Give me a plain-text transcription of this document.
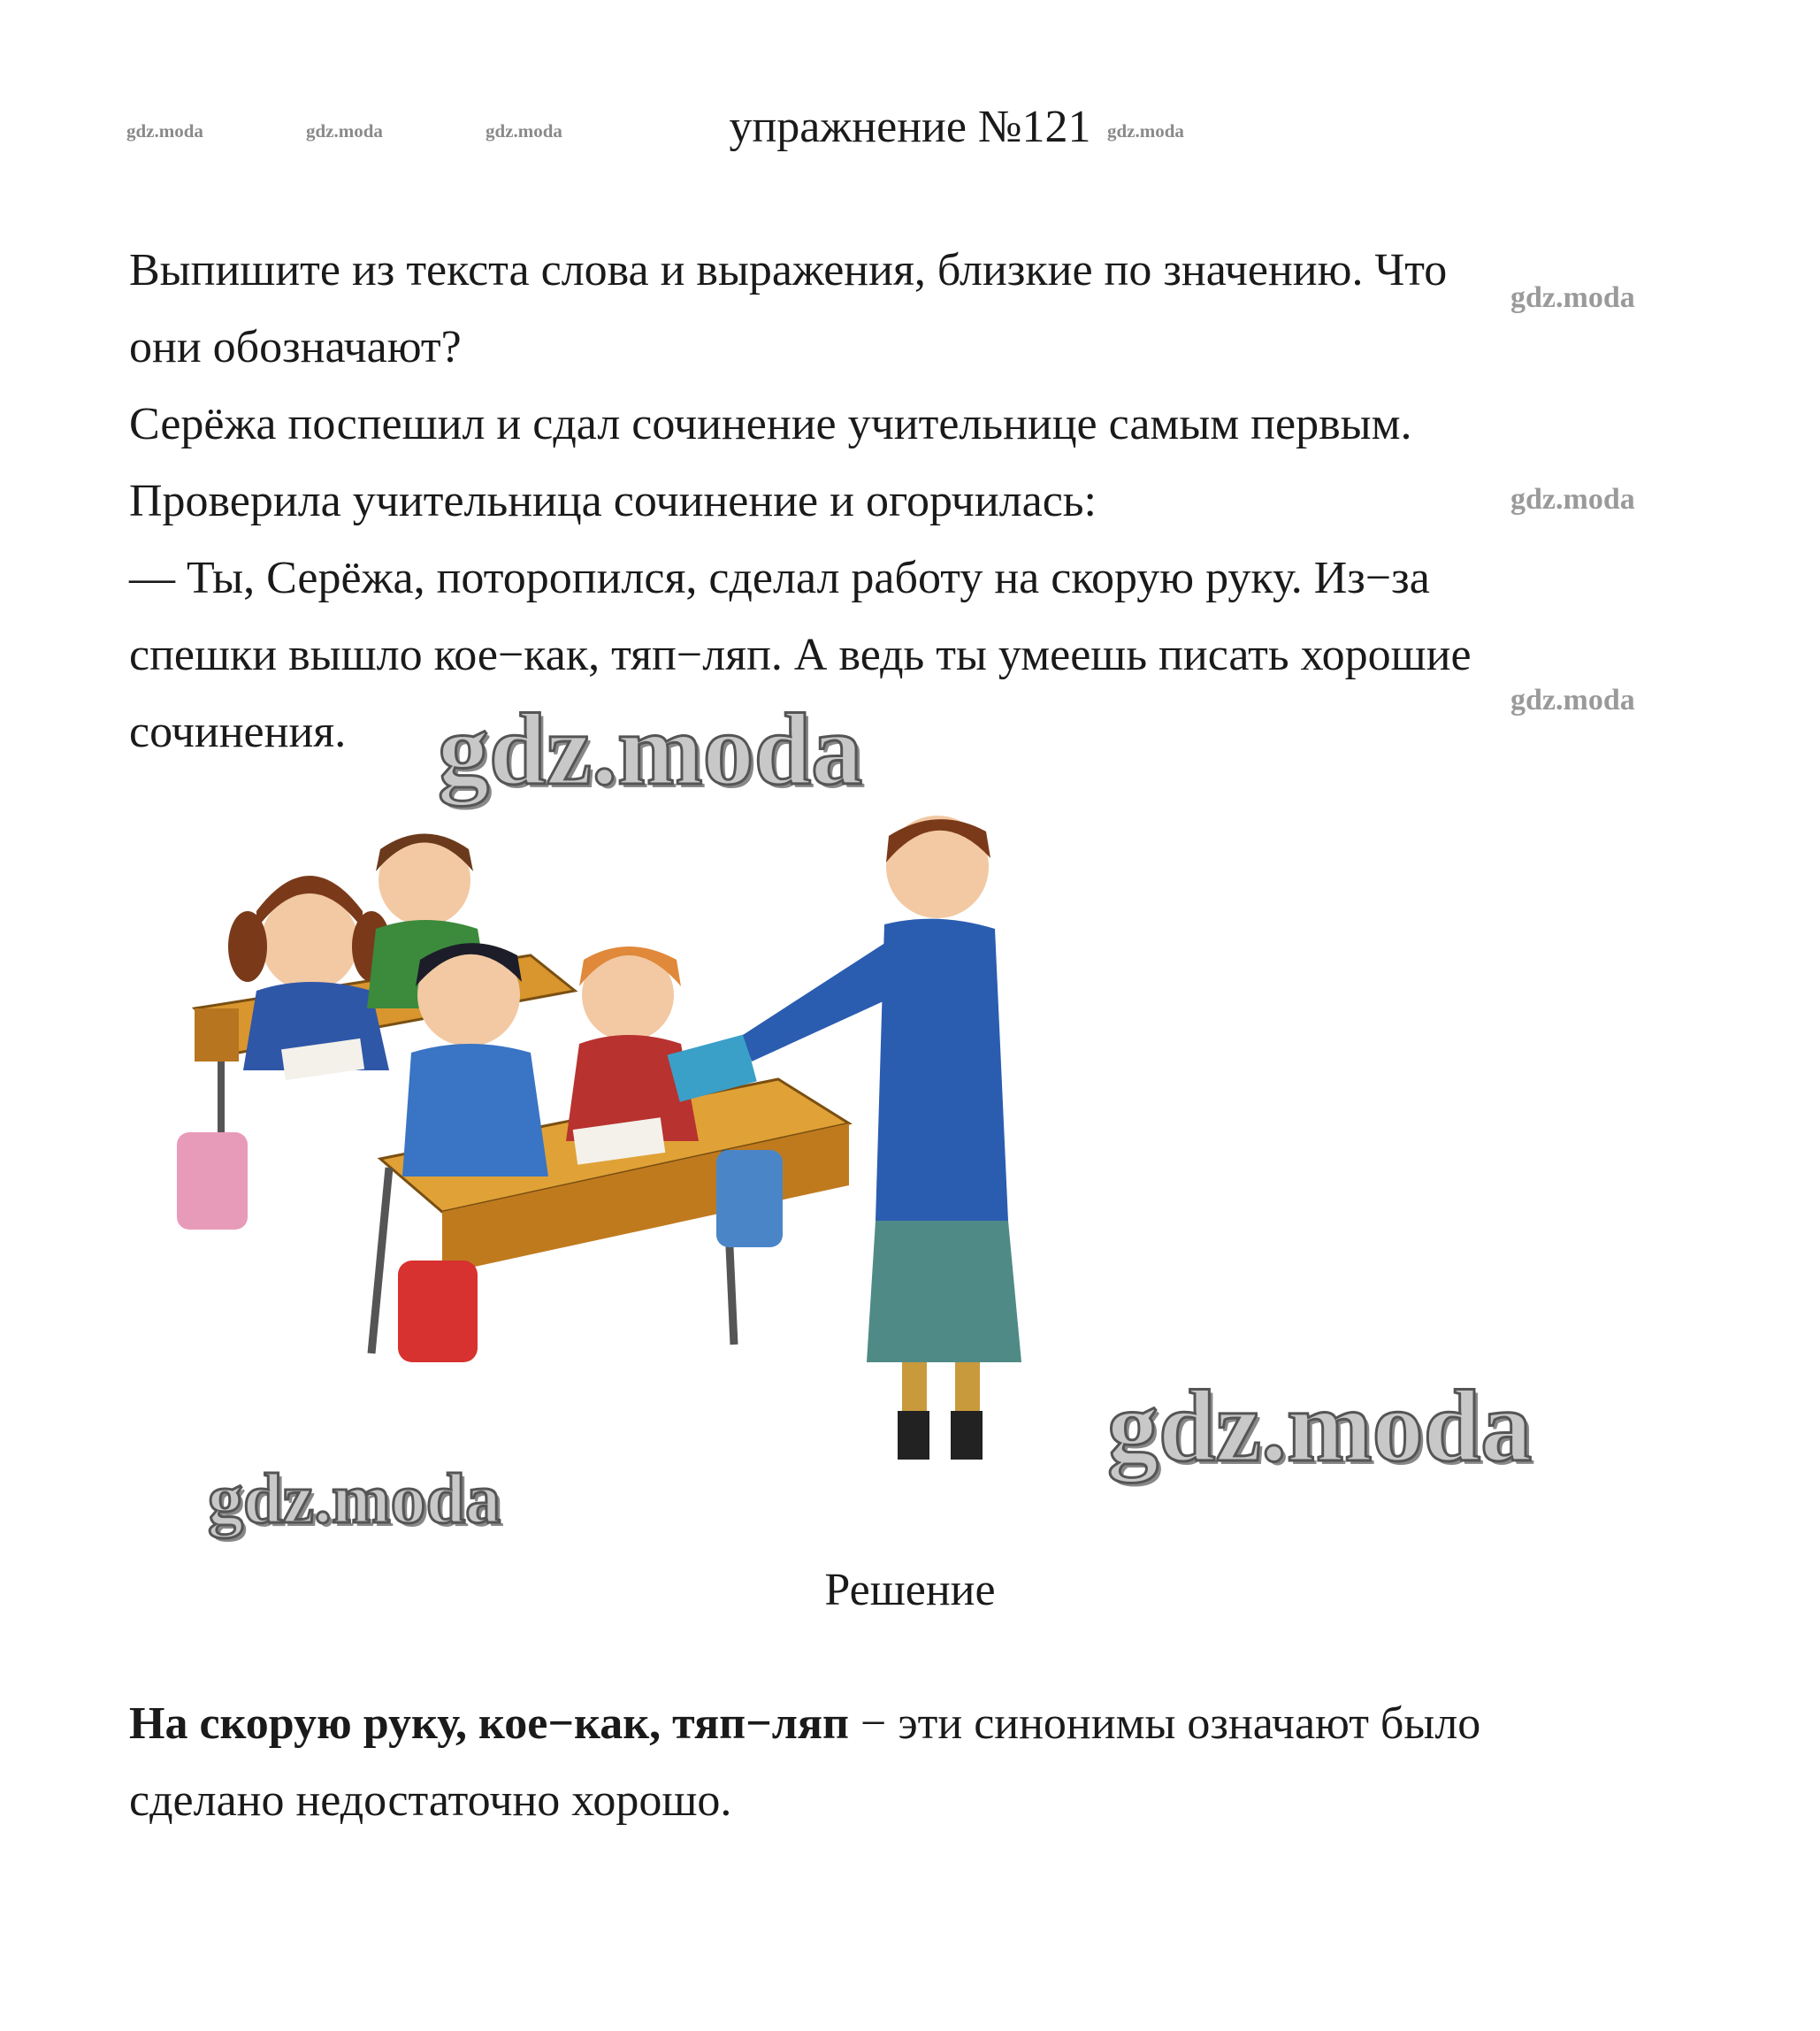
gdz.moda	gdz.moda	gdz.moda	gdz.moda
упражнение №121

Выпишите из текста слова и выражения, близкие по значению. Что

они обозначают?

Серёжа поспешил и сдал сочинение учительнице самым первым.

Проверила учительница сочинение и огорчилась:

— Ты, Серёжа, поторопился, сделал работу на скорую руку. Из−за

спешки вышло кое−как, тяп−ляп. А ведь ты умеешь писать хорошие

сочинения.

gdz.moda
gdz.moda
gdz.moda
gdz.moda
gdz.moda
gdz.moda
Решение

На скорую руку, кое−как, тяп−ляп − эти синонимы означают было

сделано недостаточно хорошо.
